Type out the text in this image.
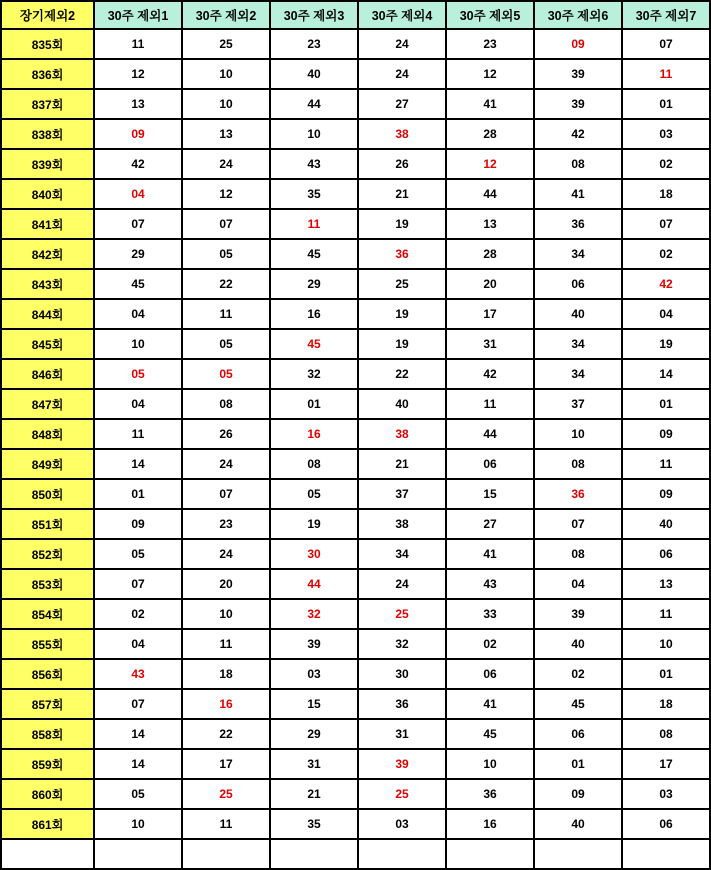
장기제외2	30주 제외1	30주 제외2	30주 제외3	30주 제외4	30주 제외5	30주 제외6	30주 제외7
835회	11	25	23	24	23	09	07
836회	12	10	40	24	12	39	11
837회	13	10	44	27	41	39	01
838회	09	13	10	38	28	42	03
839회	42	24	43	26	12	08	02
840회	04	12	35	21	44	41	18
841회	07	07	11	19	13	36	07
842회	29	05	45	36	28	34	02
843회	45	22	29	25	20	06	42
844회	04	11	16	19	17	40	04
845회	10	05	45	19	31	34	19
846회	05	05	32	22	42	34	14
847회	04	08	01	40	11	37	01
848회	11	26	16	38	44	10	09
849회	14	24	08	21	06	08	11
850회	01	07	05	37	15	36	09
851회	09	23	19	38	27	07	40
852회	05	24	30	34	41	08	06
853회	07	20	44	24	43	04	13
854회	02	10	32	25	33	39	11
855회	04	11	39	32	02	40	10
856회	43	18	03	30	06	02	01
857회	07	16	15	36	41	45	18
858회	14	22	29	31	45	06	08
859회	14	17	31	39	10	01	17
860회	05	25	21	25	36	09	03
861회	10	11	35	03	16	40	06
